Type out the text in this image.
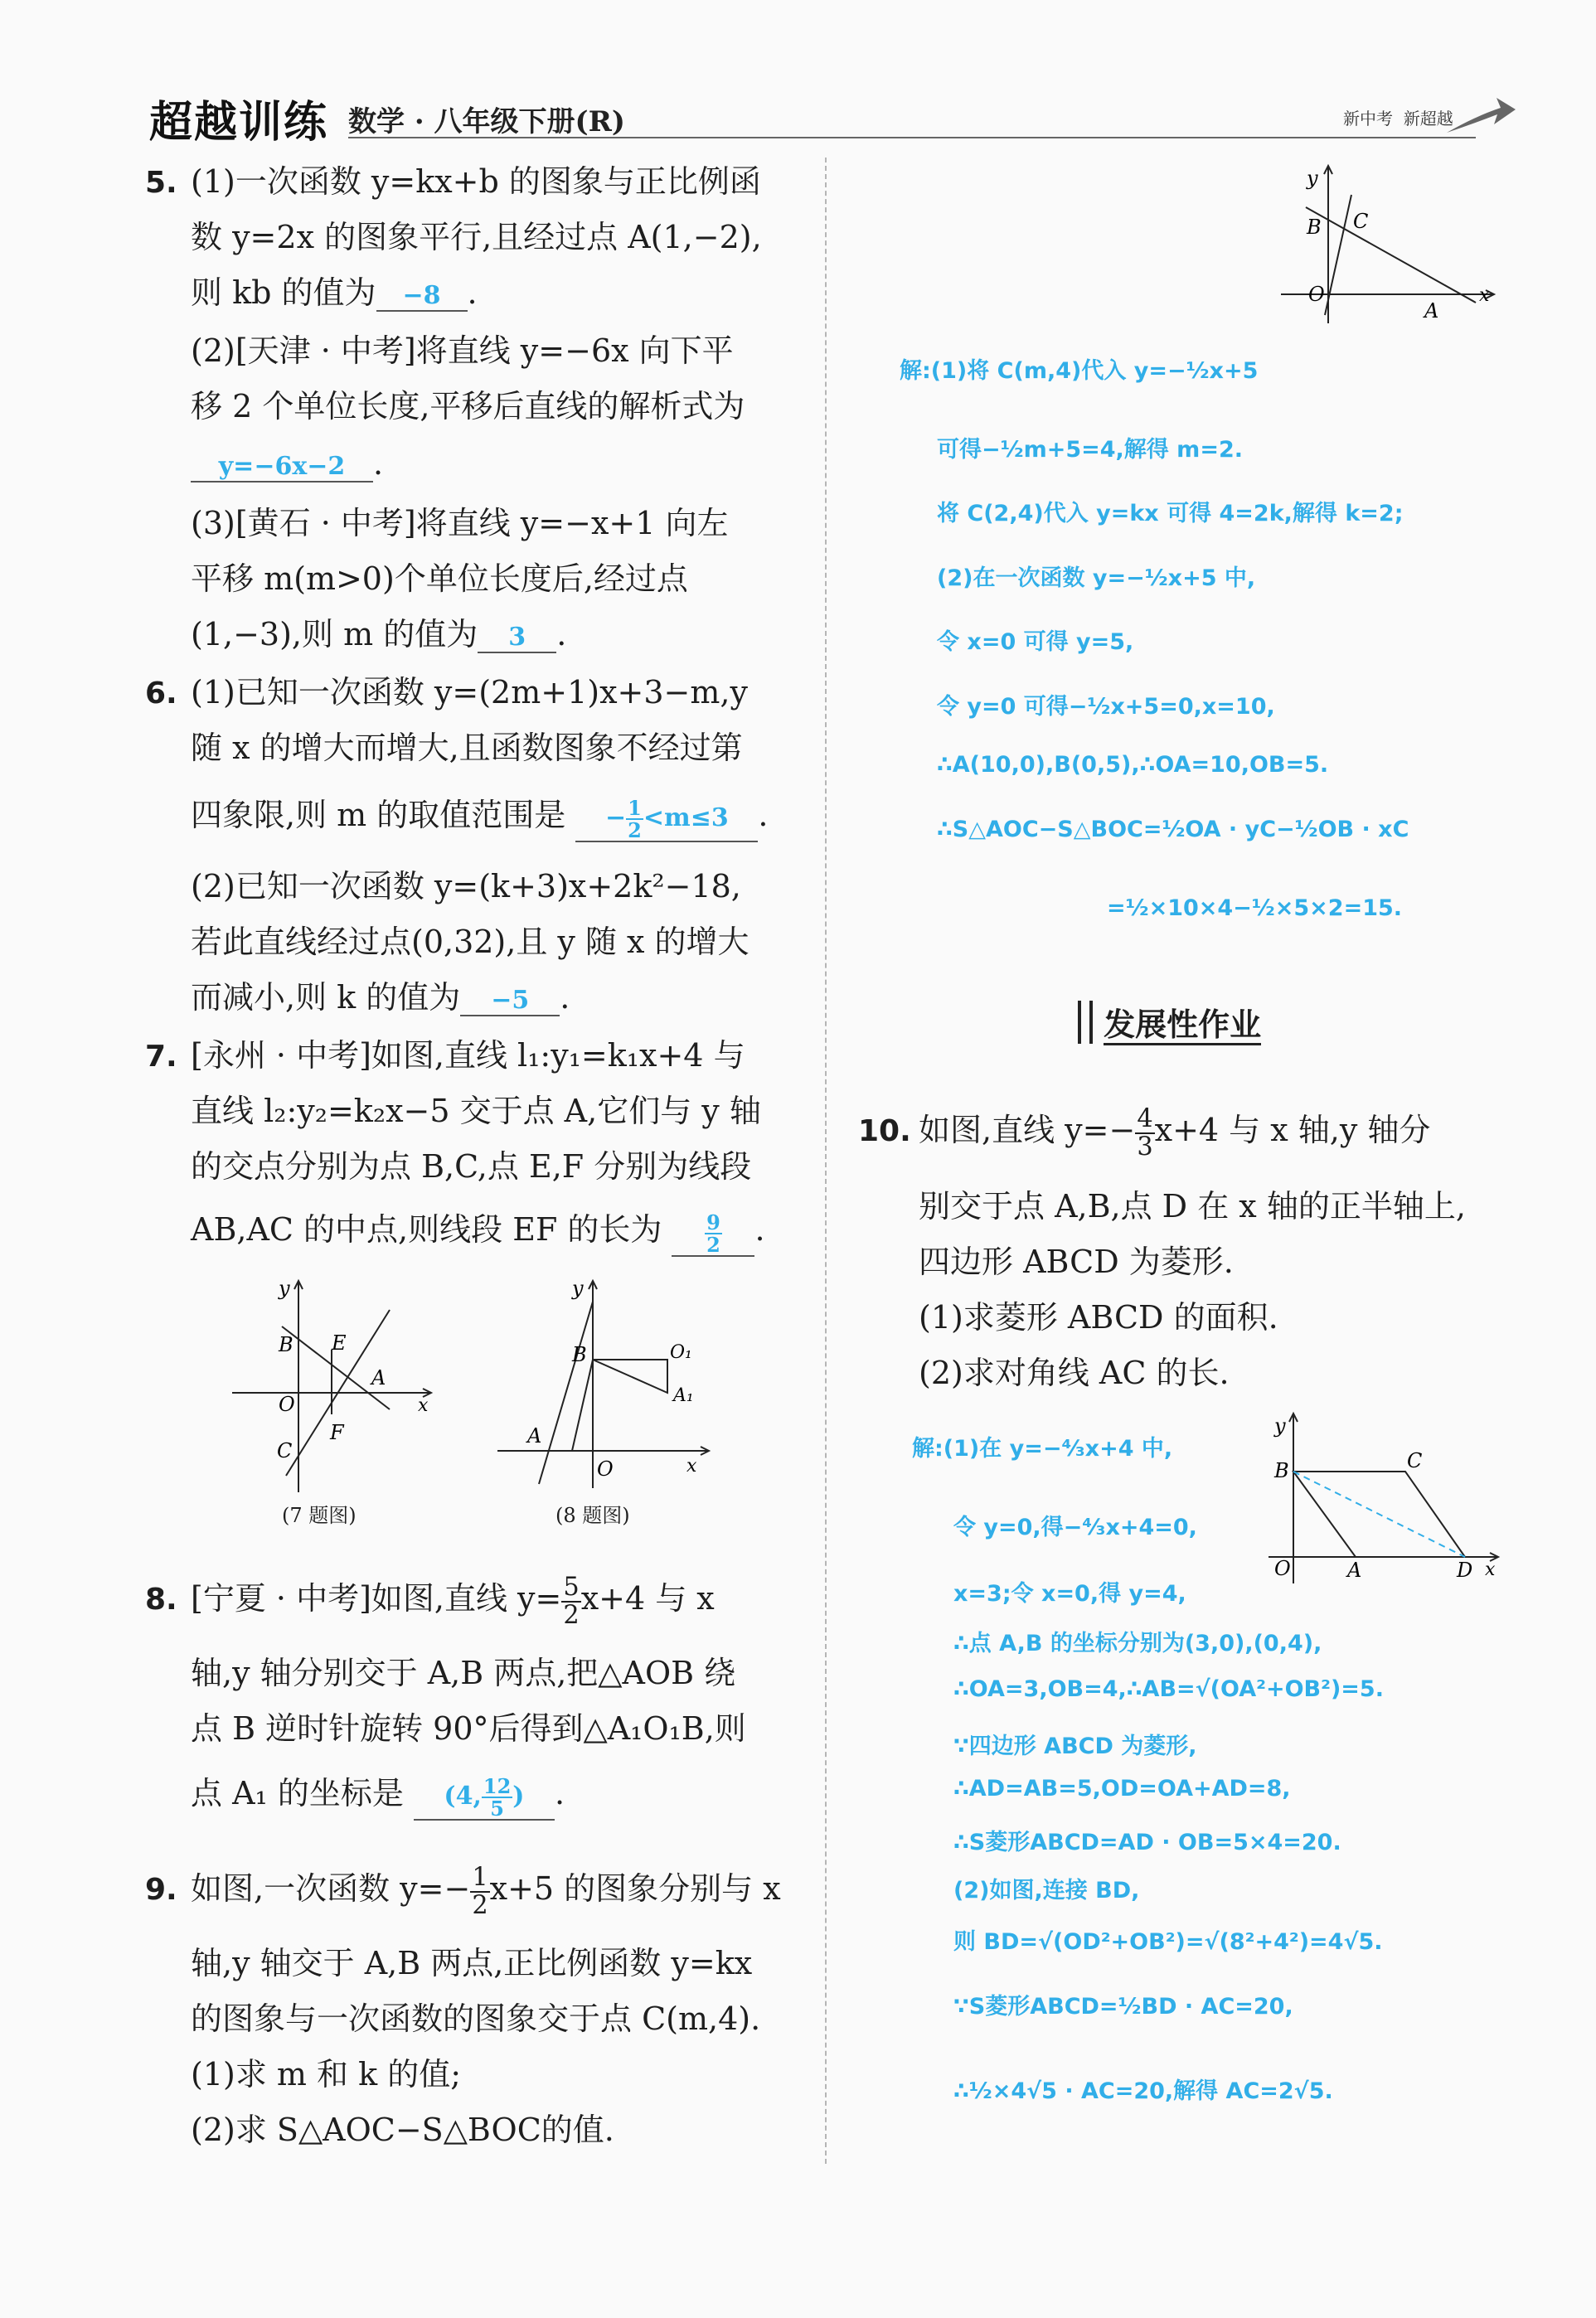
超越训练 数学 · 八年级下册(R)	新中考  新超越
5. (1)一次函数 y=kx+b 的图象与正比例函
数 y=2x 的图象平行,且经过点 A(1,−2),
则 kb 的值为 −8 .
(2)[天津 · 中考]将直线 y=−6x 向下平
移 2 个单位长度,平移后直线的解析式为
y=−6x−2 .
(3)[黄石 · 中考]将直线 y=−x+1 向左
平移 m(m>0)个单位长度后,经过点
(1,−3),则 m 的值为 3 .
6. (1)已知一次函数 y=(2m+1)x+3−m,y
随 x 的增大而增大,且函数图象不经过第
四象限,则 m 的取值范围是 − $\frac{1}{2} <m\le 3$ .
(2)已知一次函数 y=(k+3)x+2k²−18,
若此直线经过点(0,32),且 y 随 x 的增大
而减小,则 k 的值为 −5 .
7. [永州 · 中考]如图,直线 l₁:y₁=k₁x+4 与
直线 l₂:y₂=k₂x−5 交于点 A,它们与 y 轴
的交点分别为点 B,C,点 E,F 分别为线段
AB,AC 的中点,则线段 EF 的长为 $\frac{9}{2}$ .
y
x
O
B E
A
F
C
(7 题图)
y
x
O
B
A
O₁
A₁
(8 题图)
8. [宁夏 · 中考]如图,直线 $y= \frac{5}{2} x+4$ 与 x
轴,y 轴分别交于 A,B 两点,把△AOB 绕
点 B 逆时针旋转 90°后得到△A₁O₁B,则
点 A₁ 的坐标是 (4, $\frac{12}{5}$ ) .
9. 如图,一次函数 $y=- \frac{1}{2} x+5$ 的图象分别与 x
轴,y 轴交于 A,B 两点,正比例函数 y=kx
的图象与一次函数的图象交于点 C(m,4).
(1)求 m 和 k 的值;
(2)求 S△AOC−S△BOC的值.
y
x
O
B C
A
解:(1)将 C(m,4)代入 y=−½x+5
可得−½m+5=4,解得 m=2.
将 C(2,4)代入 y=kx 可得 4=2k,解得 k=2;
(2)在一次函数 y=−½x+5 中,
令 x=0 可得 y=5,
令 y=0 可得−½x+5=0,x=10,
∴A(10,0),B(0,5),∴OA=10,OB=5.
∴S△AOC−S△BOC=½OA · yC−½OB · xC
=½×10×4−½×5×2=15.
发展性作业
10. 如图,直线 $y=- \frac{4}{3} x+4$ 与 x 轴,y 轴分
别交于点 A,B,点 D 在 x 轴的正半轴上,
四边形 ABCD 为菱形.
(1)求菱形 ABCD 的面积.
(2)求对角线 AC 的长.
y
x
O
B	C
A	D
解:(1)在 y=−⁴⁄₃x+4 中,
令 y=0,得−⁴⁄₃x+4=0,
x=3;令 x=0,得 y=4,
∴点 A,B 的坐标分别为(3,0),(0,4),
∴OA=3,OB=4,∴AB=√(OA²+OB²)=5.
∵四边形 ABCD 为菱形,
∴AD=AB=5,OD=OA+AD=8,
∴S菱形ABCD=AD · OB=5×4=20.
(2)如图,连接 BD,
则 BD=√(OD²+OB²)=√(8²+4²)=4√5.
∵S菱形ABCD=½BD · AC=20,
∴½×4√5 · AC=20,解得 AC=2√5.
